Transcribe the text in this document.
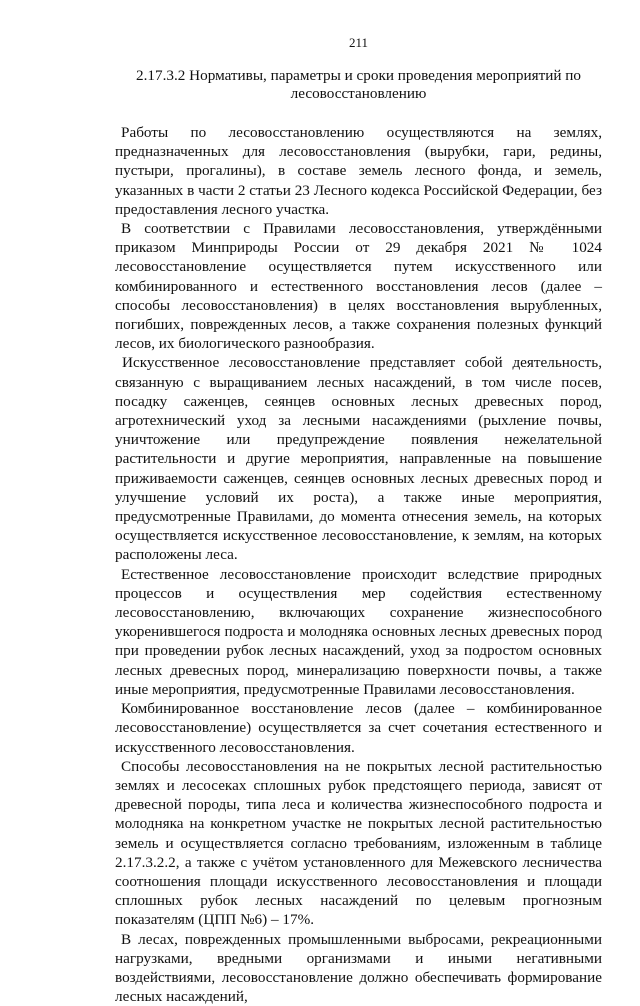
211
2.17.3.2 Нормативы, параметры и сроки проведения мероприятий по лесовосстановлению

Работы по лесовосстановлению осуществляются на землях, предназначенных для лесовосстановления (вырубки, гари, редины, пустыри, прогалины), в составе земель лесного фонда, и земель, указанных в части 2 статьи 23 Лесного кодекса Российской Федерации, без предоставления лесного участка.

В соответствии с Правилами лесовосстановления, утверждёнными приказом Минприроды России от 29 декабря 2021 № 1024 лесовосстановление осуществляется путем искусственного или комбинированного и естественного восстановления лесов (далее – способы лесовосстановления) в целях восстановления вырубленных, погибших, поврежденных лесов, а также сохранения полезных функций лесов, их биологического разнообразия.

Искусственное лесовосстановление представляет собой деятельность, связанную с выращиванием лесных насаждений, в том числе посев, посадку саженцев, сеянцев основных лесных древесных пород, агротехнический уход за лесными насаждениями (рыхление почвы, уничтожение или предупреждение появления нежелательной растительности и другие мероприятия, направленные на повышение приживаемости саженцев, сеянцев основных лесных древесных пород и улучшение условий их роста), а также иные мероприятия, предусмотренные Правилами, до момента отнесения земель, на которых осуществляется искусственное лесовосстановление, к землям, на которых расположены леса.

Естественное лесовосстановление происходит вследствие природных процессов и осуществления мер содействия естественному лесовосстановлению, включающих сохранение жизнеспособного укоренившегося подроста и молодняка основных лесных древесных пород при проведении рубок лесных насаждений, уход за подростом основных лесных древесных пород, минерализацию поверхности почвы, а также иные мероприятия, предусмотренные Правилами лесовосстановления.

Комбинированное восстановление лесов (далее – комбинированное лесовосстановление) осуществляется за счет сочетания естественного и искусственного лесовосстановления.

Способы лесовосстановления на не покрытых лесной растительностью землях и лесосеках сплошных рубок предстоящего периода, зависят от древесной породы, типа леса и количества жизнеспособного подроста и молодняка на конкретном участке не покрытых лесной растительностью земель и осуществляется согласно требованиям, изложенным в таблице 2.17.3.2.2, а также с учётом установленного для Межевского лесничества соотношения площади искусственного лесовосстановления и площади сплошных рубок лесных насаждений по целевым прогнозным показателям (ЦПП №6) – 17%.

В лесах, поврежденных промышленными выбросами, рекреационными нагрузками, вредными организмами и иными негативными воздействиями, лесовосстановление должно обеспечивать формирование лесных насаждений,
